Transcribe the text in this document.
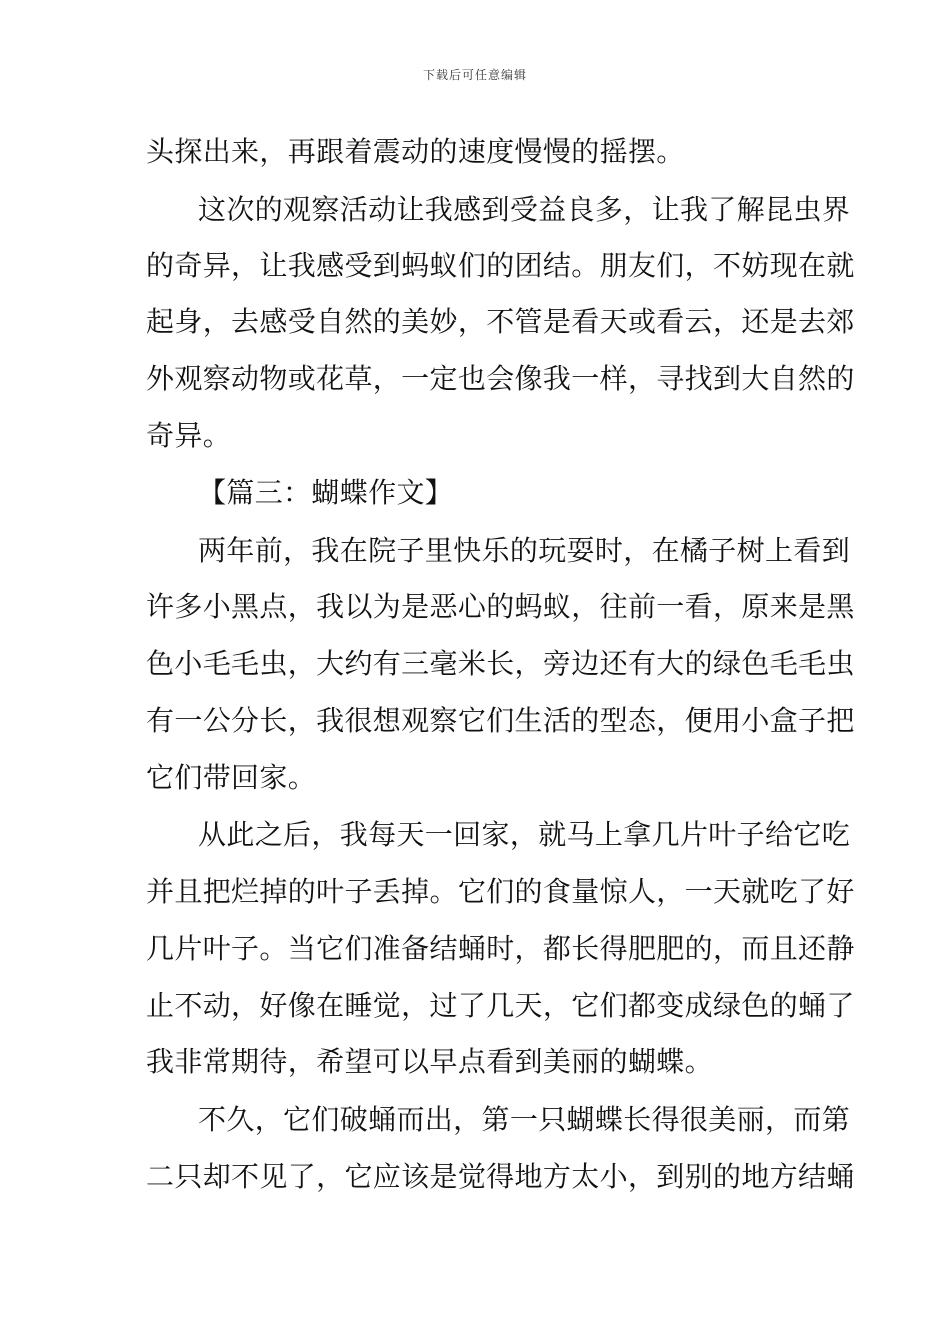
下载后可任意编辑
头探出来，再跟着震动的速度慢慢的摇摆。
这次的观察活动让我感到受益良多，让我了解昆虫界
的奇异，让我感受到蚂蚁们的团结。朋友们，不妨现在就
起身，去感受自然的美妙，不管是看天或看云，还是去郊
外观察动物或花草，一定也会像我一样，寻找到大自然的
奇异。
【篇三：蝴蝶作文】
两年前，我在院子里快乐的玩耍时，在橘子树上看到
许多小黑点，我以为是恶心的蚂蚁，往前一看，原来是黑
色小毛毛虫，大约有三毫米长，旁边还有大的绿色毛毛虫
有一公分长，我很想观察它们生活的型态，便用小盒子把
它们带回家。
从此之后，我每天一回家，就马上拿几片叶子给它吃
并且把烂掉的叶子丢掉。它们的食量惊人，一天就吃了好
几片叶子。当它们准备结蛹时，都长得肥肥的，而且还静
止不动，好像在睡觉，过了几天，它们都变成绿色的蛹了
我非常期待，希望可以早点看到美丽的蝴蝶。
不久，它们破蛹而出，第一只蝴蝶长得很美丽，而第
二只却不见了，它应该是觉得地方太小，到别的地方结蛹
